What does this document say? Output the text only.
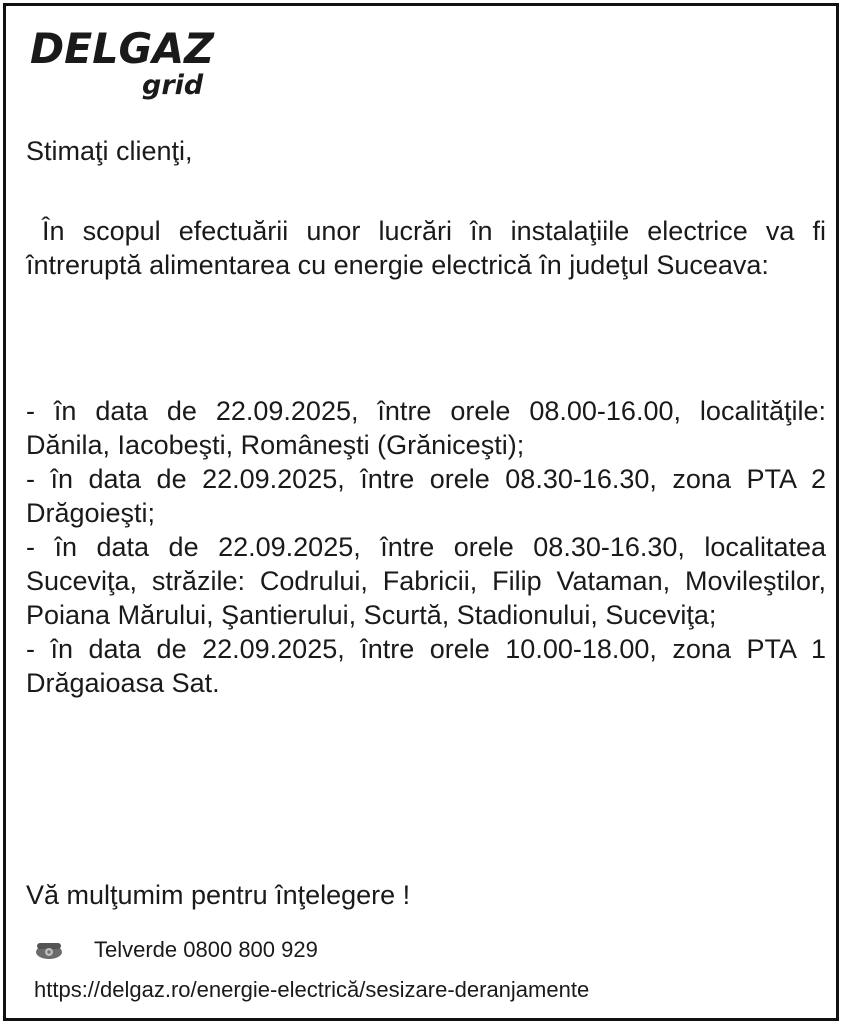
DELGAZ
grid
Stimaţi clienţi,
În scopul efectuării unor lucrări în instalaţiile electrice va fi întreruptă alimentarea cu energie electrică în judeţul Suceava:
- în data de 22.09.2025, între orele 08.00-16.00, localităţile:
Dănila, Iacobeşti, Româneşti (Grăniceşti);
- în data de 22.09.2025, între orele 08.30-16.30, zona PTA 2
Drăgoieşti;
- în data de 22.09.2025, între orele 08.30-16.30, localitatea
Suceviţa, străzile: Codrului, Fabricii, Filip Vataman, Movileştilor, Poiana Mărului, Şantierului, Scurtă, Stadionului, Suceviţa;
- în data de 22.09.2025, între orele 10.00-18.00, zona PTA 1
Drăgaioasa Sat.
Vă mulţumim pentru înţelegere !
Telverde 0800 800 929
https://delgaz.ro/energie-electrică/sesizare-deranjamente
